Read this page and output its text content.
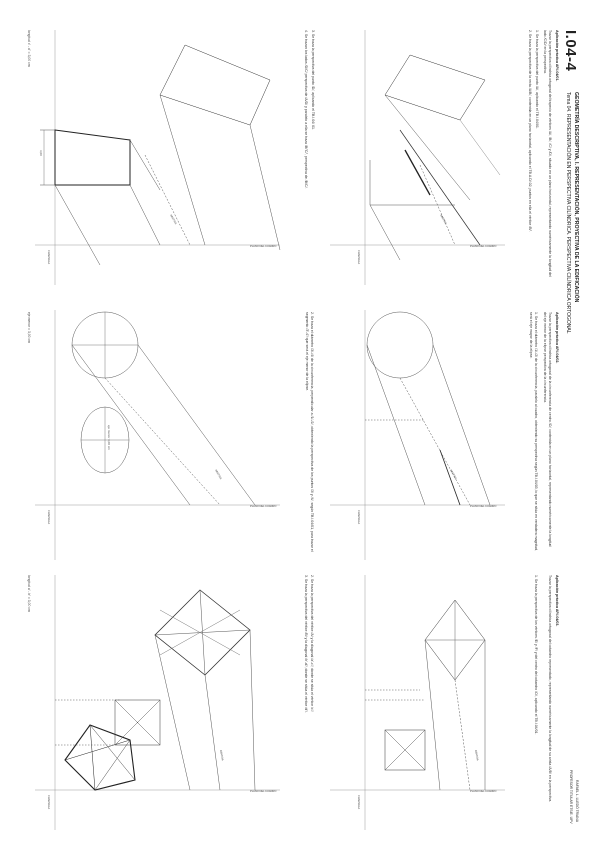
I.04-4
GEOMETRÍA DESCRIPTIVA, I. REPRESENTACIÓN, PROYECTIVA DE LA EDIFICACIÓN
Tema 04. REPRESENTACIÓN EN PERSPECTIVA CILÍNDRICA. PERSPECTIVA CILÍNDRICA ORTOGONAL
RAFAEL L. LLEDÓ TRIANA
PROFESOR TITULAR ETSIE. UPV
Aplicación práctica AP.I.04/01.
Trazar la perspectiva cilíndrica ortogonal del trapecio de vértices /A/, /B/, /C/ y /D/, situado en un plano horizontal, representando numéricamente la longitud del lado /C/D/ en la perspectiva.
1. Se traza la perspectiva del punto /A/, aplicando el TB.I.04/01.
2. Se traza la perspectiva de la recta /A/B/, contenida en un plano horizontal, aplicando el TB.A.D/.02, puntos en ella el vértice /B/'.
3. Se traza la perspectiva del punto /D/, aplicando el TB.I.04/ 01.
4. Se trazan los lados /D/C/ perspectiva de /A/D/ y paralelo a ella se traza /B/'C/', perspectiva de /B/C/.
longitud c' - d' = 3,00 cm
Aplicación práctica AP.I.04/02.
Trazar la perspectiva cilíndrica ortogonal de la circunferencia de centro /O/, contenida en un plano horizontal, representando numéricamente la longitud del eje menor de la elipse perspectiva de la circunferencia.
1. Se traza el diámetro /1/-/2/ de la circunferencia, paralelo al cuadro, obteniendo su perspectiva según TB.I.04/03, lo que se sitúa en verdadera magnitud, será el eje mayor de la elipse.
2. Se traza el diámetro /3/-/4/ de la circunferencia, perpendicular a /1/-/2/, obteniendo la perspectiva de los puntos /3/ y /4/, según TB.I.04/01, para trazar el segmento /3'-4'/ que será el eje menor de la elipse.
eje menor = 3,00 cm
Aplicación práctica AP.I.04/03.
Trazar la perspectiva cilíndrica ortogonal del octaedro representado, representando numéricamente la longitud de su arista /A/B/ en la perspectiva.
1. Se traza la perspectiva de los vértices /E/ y /F/ y del centro del octaedro /O/, aplicando el TB.I.04/01.
2. Se traza la perspectiva del vértice /A/ y la diagonal /a'-c'/, donde se sitúa el vértice /c'/.
3. Se traza la perspectiva del vértice /B/ y la diagonal /b'-d'/, donde se sitúa el vértice /d'/.
longitud a' - b' = 3,00 cm
PLANO DEL CUADRO
PLANO DEL CUADRO
PLANO DEL CUADRO
PLANO DEL CUADRO
PLANO DEL CUADRO
PLANO DEL CUADRO
CHARNELA
CHARNELA
CHARNELA
CHARNELA
CHARNELA
CHARNELA
ABATIDA
ABATIDA
ABATIDA
ABATIDA
ABATIDA
ABATIDA
3,00
eje menor 3,00 cm
